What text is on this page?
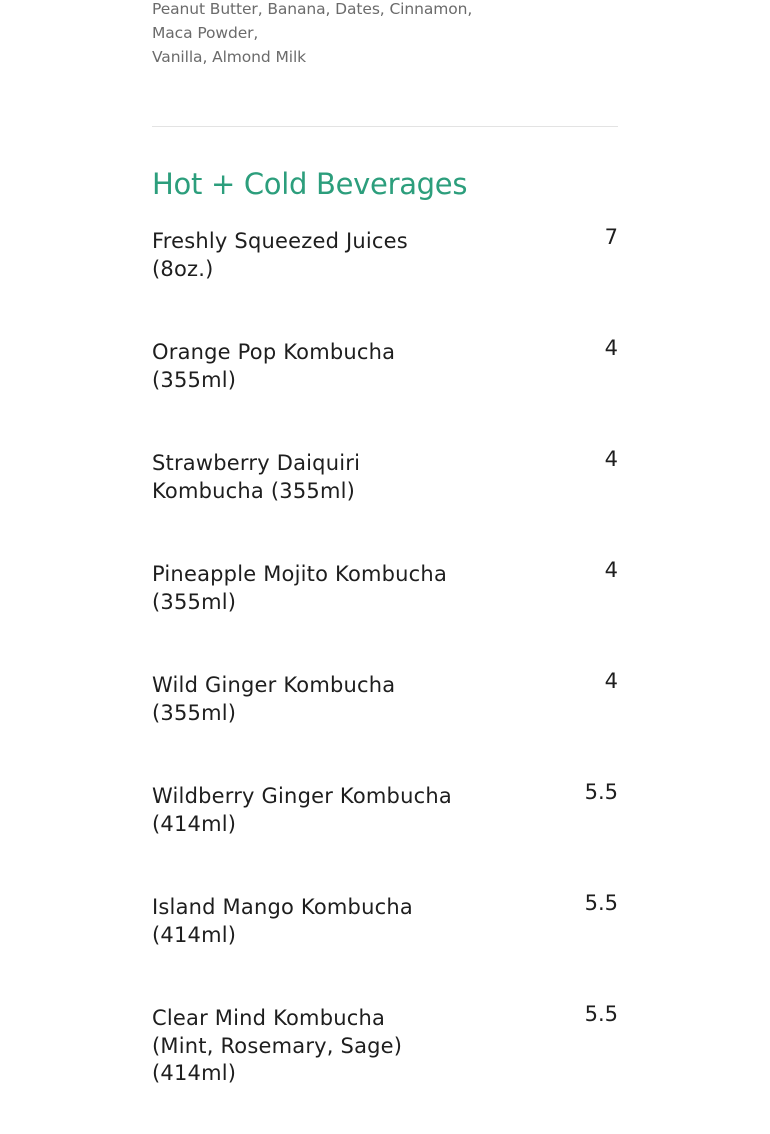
Peanut Butter, Banana, Dates, Cinnamon,
Maca Powder,
Vanilla, Almond Milk
Hot + Cold Beverages
Freshly Squeezed Juices (8oz.)
7
Orange Pop Kombucha (355ml)
4
Strawberry Daiquiri Kombucha (355ml)
4
Pineapple Mojito Kombucha (355ml)
4
Wild Ginger Kombucha (355ml)
4
Wildberry Ginger Kombucha (414ml)
5.5
Island Mango Kombucha (414ml)
5.5
Clear Mind Kombucha (Mint, Rosemary, Sage) (414ml)
5.5
